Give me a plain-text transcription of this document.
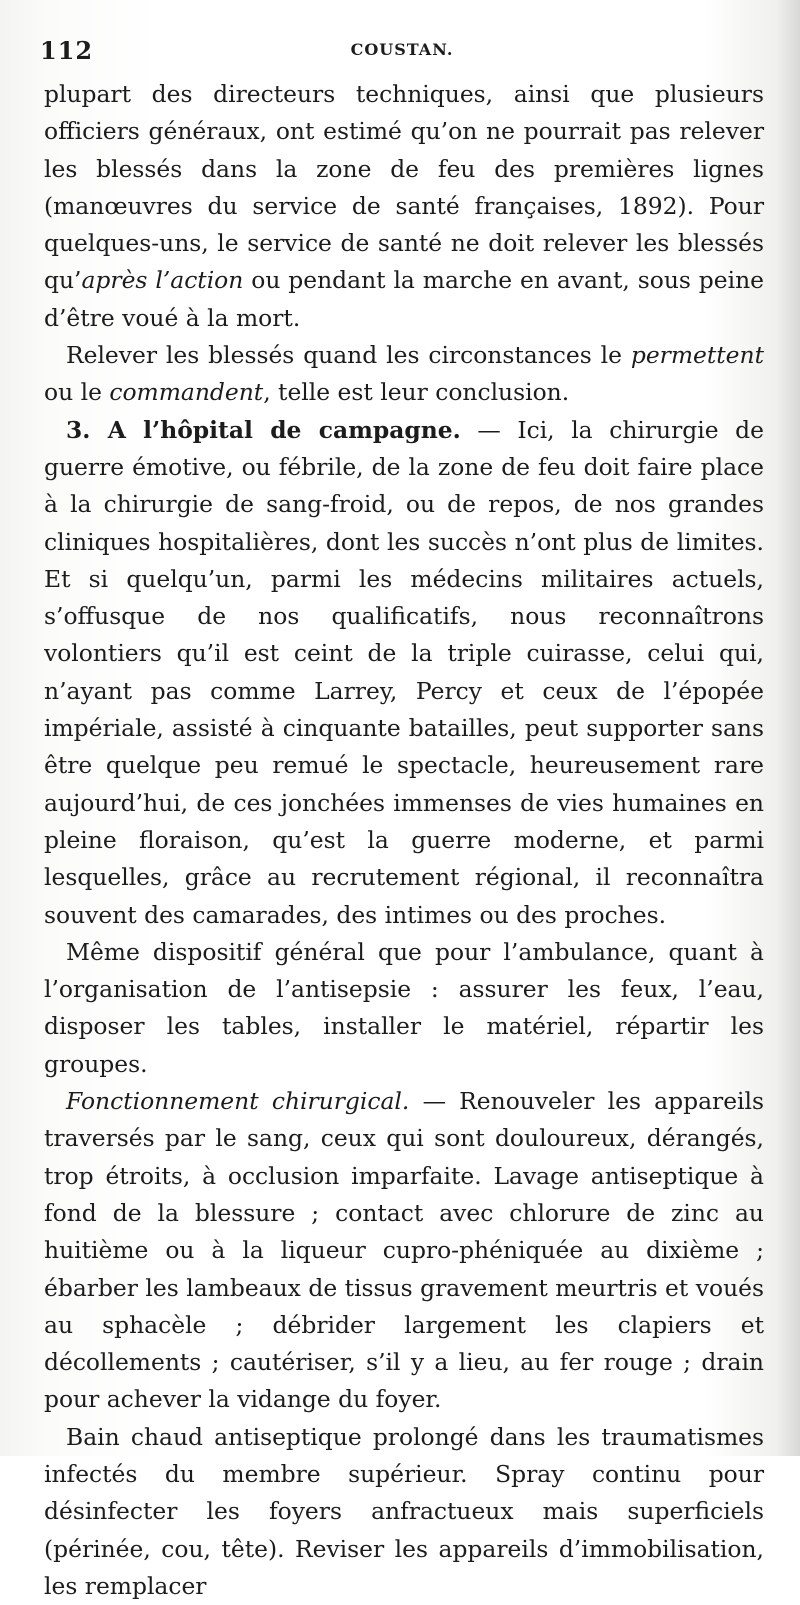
112	COUSTAN.

plupart des directeurs techniques, ainsi que plusieurs officiers généraux, ont estimé qu’on ne pourrait pas relever les blessés dans la zone de feu des premières lignes (manœuvres du service de santé françaises, 1892). Pour quelques-uns, le service de santé ne doit relever les blessés qu’après l’action ou pendant la marche en avant, sous peine d’être voué à la mort.

Relever les blessés quand les circonstances le permettent ou le commandent, telle est leur conclusion.

3. A l’hôpital de campagne. — Ici, la chirurgie de guerre émotive, ou fébrile, de la zone de feu doit faire place à la chirurgie de sang-froid, ou de repos, de nos grandes cliniques hospitalières, dont les succès n’ont plus de limites. Et si quelqu’un, parmi les médecins militaires actuels, s’offusque de nos qualificatifs, nous reconnaîtrons volontiers qu’il est ceint de la triple cuirasse, celui qui, n’ayant pas comme Larrey, Percy et ceux de l’épopée impériale, assisté à cinquante batailles, peut supporter sans être quelque peu remué le spectacle, heureusement rare aujourd’hui, de ces jonchées immenses de vies humaines en pleine floraison, qu’est la guerre moderne, et parmi lesquelles, grâce au recrutement régional, il reconnaîtra souvent des camarades, des intimes ou des proches.

Même dispositif général que pour l’ambulance, quant à l’organisation de l’antisepsie : assurer les feux, l’eau, disposer les tables, installer le matériel, répartir les groupes.

Fonctionnement chirurgical. — Renouveler les appareils traversés par le sang, ceux qui sont douloureux, dérangés, trop étroits, à occlusion imparfaite. Lavage antiseptique à fond de la blessure ; contact avec chlorure de zinc au huitième ou à la liqueur cupro-phéniquée au dixième ; ébarber les lambeaux de tissus gravement meurtris et voués au sphacèle ; débrider largement les clapiers et décollements ; cautériser, s’il y a lieu, au fer rouge ; drain pour achever la vidange du foyer.

Bain chaud antiseptique prolongé dans les traumatismes infectés du membre supérieur. Spray continu pour désinfecter les foyers anfractueux mais superficiels (périnée, cou, tête). Reviser les appareils d’immobilisation, les remplacer
